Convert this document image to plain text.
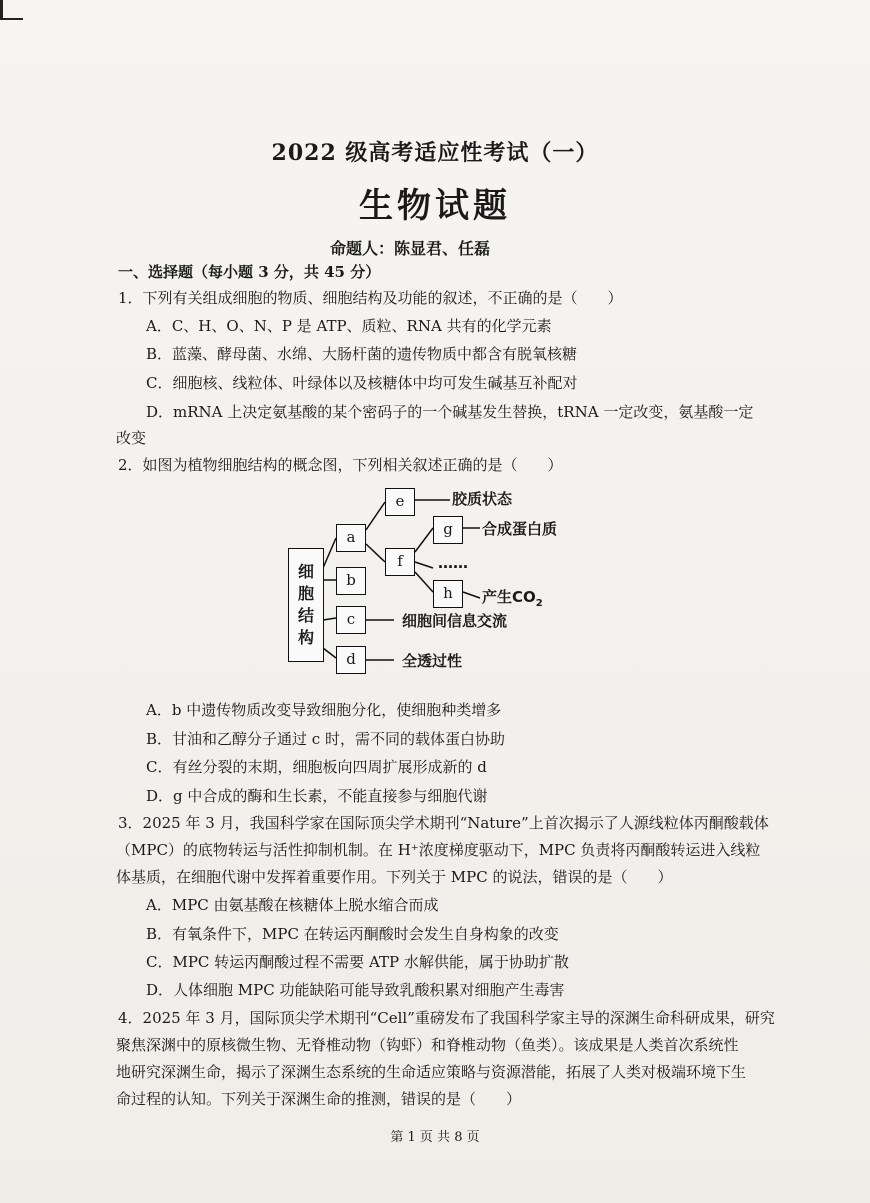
2022 级高考适应性考试（一）
生物试题
命题人：陈显君、任磊
一、选择题（每小题 3 分，共 45 分）
1．下列有关组成细胞的物质、细胞结构及功能的叙述，不正确的是（　　）
A．C、H、O、N、P 是 ATP、质粒、RNA 共有的化学元素
B．蓝藻、酵母菌、水绵、大肠杆菌的遗传物质中都含有脱氧核糖
C．细胞核、线粒体、叶绿体以及核糖体中均可发生碱基互补配对
D．mRNA 上决定氨基酸的某个密码子的一个碱基发生替换，tRNA 一定改变，氨基酸一定
改变
2．如图为植物细胞结构的概念图，下列相关叙述正确的是（　　）
细
胞
结
构
a
b
c
d
e
f
g
h
胶质状态
合成蛋白质
……
产生$CO_2$
细胞间信息交流
全透过性
A．b 中遗传物质改变导致细胞分化，使细胞种类增多
B．甘油和乙醇分子通过 c 时，需不同的载体蛋白协助
C．有丝分裂的末期，细胞板向四周扩展形成新的 d
D．g 中合成的酶和生长素，不能直接参与细胞代谢
3．2025 年 3 月，我国科学家在国际顶尖学术期刊“Nature”上首次揭示了人源线粒体丙酮酸载体
（MPC）的底物转运与活性抑制机制。在 H⁺浓度梯度驱动下，MPC 负责将丙酮酸转运进入线粒
体基质，在细胞代谢中发挥着重要作用。下列关于 MPC 的说法，错误的是（　　）
A．MPC 由氨基酸在核糖体上脱水缩合而成
B．有氧条件下，MPC 在转运丙酮酸时会发生自身构象的改变
C．MPC 转运丙酮酸过程不需要 ATP 水解供能，属于协助扩散
D．人体细胞 MPC 功能缺陷可能导致乳酸积累对细胞产生毒害
4．2025 年 3 月，国际顶尖学术期刊“Cell”重磅发布了我国科学家主导的深渊生命科研成果，研究
聚焦深渊中的原核微生物、无脊椎动物（钩虾）和脊椎动物（鱼类）。该成果是人类首次系统性
地研究深渊生命，揭示了深渊生态系统的生命适应策略与资源潜能，拓展了人类对极端环境下生
命过程的认知。下列关于深渊生命的推测，错误的是（　　）
第 1 页 共 8 页
